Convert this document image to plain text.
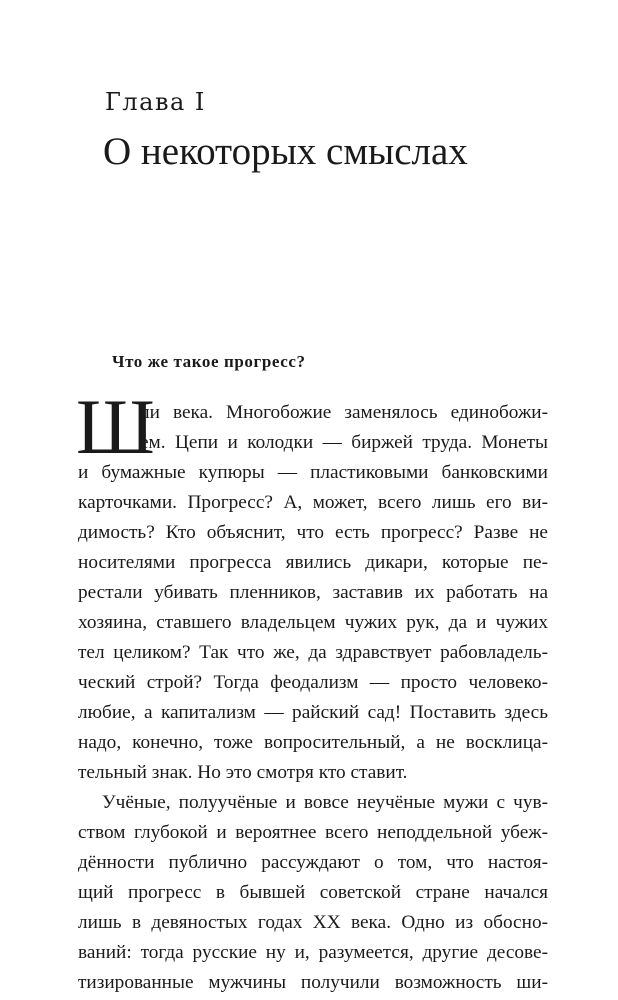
Глава I
О некоторых смыслах
Что же такое прогресс?
Ш
ли века. Многобожие заменялось единобожи-
ем. Цепи и колодки — биржей труда. Монеты
и бумажные купюры — пластиковыми банковскими
карточками. Прогресс? А, может, всего лишь его ви-
димость? Кто объяснит, что есть прогресс? Разве не
носителями прогресса явились дикари, которые пе-
рестали убивать пленников, заставив их работать на
хозяина, ставшего владельцем чужих рук, да и чужих
тел целиком? Так что же, да здравствует рабовладель-
ческий строй? Тогда феодализм — просто человеко-
любие, а капитализм — райский сад! Поставить здесь
надо, конечно, тоже вопросительный, а не восклица-
тельный знак. Но это смотря кто ставит.
Учёные, полуучёные и вовсе неучёные мужи с чув-
ством глубокой и вероятнее всего неподдельной убеж-
дённости публично рассуждают о том, что настоя-
щий прогресс в бывшей советской стране начался
лишь в девяностых годах XX века. Одно из обосно-
ваний: тогда русские ну и, разумеется, другие десове-
тизированные мужчины получили возможность ши-
